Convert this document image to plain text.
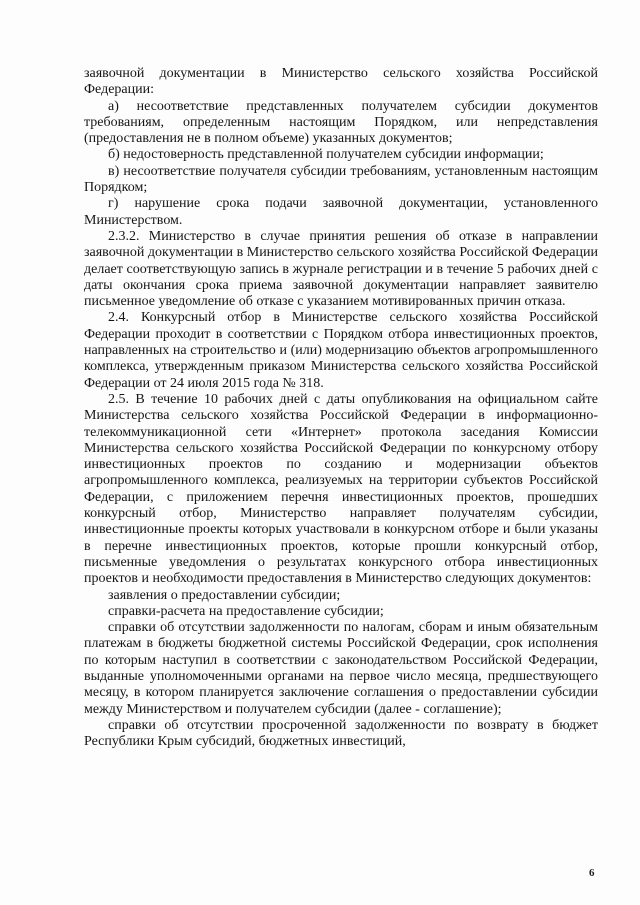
заявочной документации в Министерство сельского хозяйства Российской Федерации:

а) несоответствие представленных получателем субсидии документов требованиям, определенным настоящим Порядком, или непредставления (предоставления не в полном объеме) указанных документов;

б) недостоверность представленной получателем субсидии информации;

в) несоответствие получателя субсидии требованиям, установленным настоящим Порядком;

г) нарушение срока подачи заявочной документации, установленного Министерством.

2.3.2. Министерство в случае принятия решения об отказе в направлении заявочной документации в Министерство сельского хозяйства Российской Федерации делает соответствующую запись в журнале регистрации и в течение 5 рабочих дней с даты окончания срока приема заявочной документации направляет заявителю письменное уведомление об отказе с указанием мотивированных причин отказа.

2.4. Конкурсный отбор в Министерстве сельского хозяйства Российской Федерации проходит в соответствии с Порядком отбора инвестиционных проектов, направленных на строительство и (или) модернизацию объектов агропромышленного комплекса, утвержденным приказом Министерства сельского хозяйства Российской Федерации от 24 июля 2015 года № 318.

2.5. В течение 10 рабочих дней с даты опубликования на официальном сайте Министерства сельского хозяйства Российской Федерации в информационно-телекоммуникационной сети «Интернет» протокола заседания Комиссии Министерства сельского хозяйства Российской Федерации по конкурсному отбору инвестиционных проектов по созданию и модернизации объектов агропромышленного комплекса, реализуемых на территории субъектов Российской Федерации, с приложением перечня инвестиционных проектов, прошедших конкурсный отбор, Министерство направляет получателям субсидии, инвестиционные проекты которых участвовали в конкурсном отборе и были указаны в перечне инвестиционных проектов, которые прошли конкурсный отбор, письменные уведомления о результатах конкурсного отбора инвестиционных проектов и необходимости предоставления в Министерство следующих документов:

заявления о предоставлении субсидии;

справки-расчета на предоставление субсидии;

справки об отсутствии задолженности по налогам, сборам и иным обязательным платежам в бюджеты бюджетной системы Российской Федерации, срок исполнения по которым наступил в соответствии с законодательством Российской Федерации, выданные уполномоченными органами на первое число месяца, предшествующего месяцу, в котором планируется заключение соглашения о предоставлении субсидии между Министерством и получателем субсидии (далее - соглашение);

справки об отсутствии просроченной задолженности по возврату в бюджет Республики Крым субсидий, бюджетных инвестиций,

6
